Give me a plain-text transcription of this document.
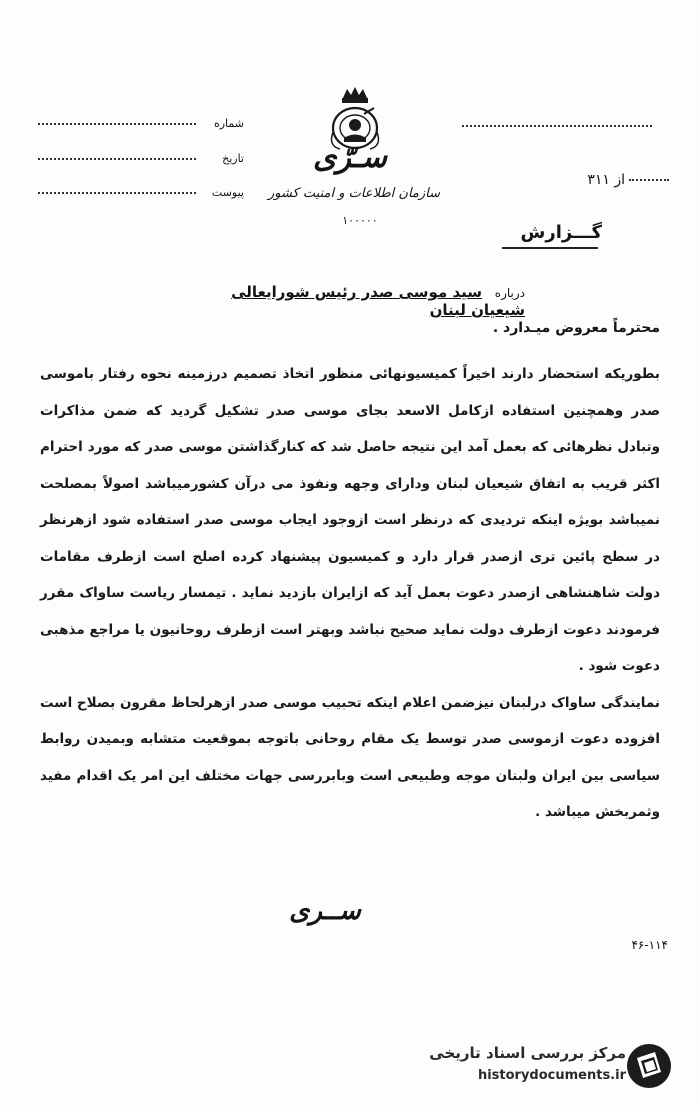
شماره
تاریخ
پیوست
سـرّی
سازمان اطلاعات و امنیت کشور
۱۰۰۰۰۰
از ۳۱۱
گـــزارش
درباره سید موسی صدر رئیس شورایعالی شیعیان لبنان
محترماً معروض میـدارد .
بطوریکه استحضار دارند اخیراً کمیسیونهائی منظور اتخاذ تصمیم درزمینه نحوه رفتار باموسی صدر وهمچنین استفاده ازکامل الاسعد بجای موسی صدر تشکیل گردید که ضمن مذاکرات وتبادل نظرهائی که بعمل آمد این نتیجه حاصل شد که کنارگذاشتن موسی صدر که مورد احترام اکثر قریب به اتفاق شیعیان لبنان ودارای وجهه ونفوذ می درآن کشورمیباشد اصولاً بمصلحت نمیباشد بویژه اینکه تردیدی که درنظر است ازوجود ایجاب موسی صدر استفاده شود ازهرنظر در سطح پائین تری ازصدر قرار دارد و کمیسیون پیشنهاد کرده اصلح است ازطرف مقامات دولت شاهنشاهی ازصدر دعوت بعمل آید که ازایران بازدید نماید . تیمسار ریاست ساواک مقرر فرمودند دعوت ازطرف دولت نماید صحیح نباشد وبهتر است ازطرف روحانیون یا مراجع مذهبی دعوت شود .
نمایندگی ساواک درلبنان نیزضمن اعلام اینکه تحبیب موسی صدر ازهرلحاظ مقرون بصلاح است افزوده دعوت ازموسی صدر توسط یک مقام روحانی باتوجه بموقعیت متشابه وبمیدن روابط سیاسی بین ایران ولبنان موجه وطبیعی است وبابررسی جهات مختلف این امر یک اقدام مفید وثمربخش میباشد .
ســری
۴۶-۱۱۴
مرکز بررسی اسناد تاریخی
historydocuments.ir
